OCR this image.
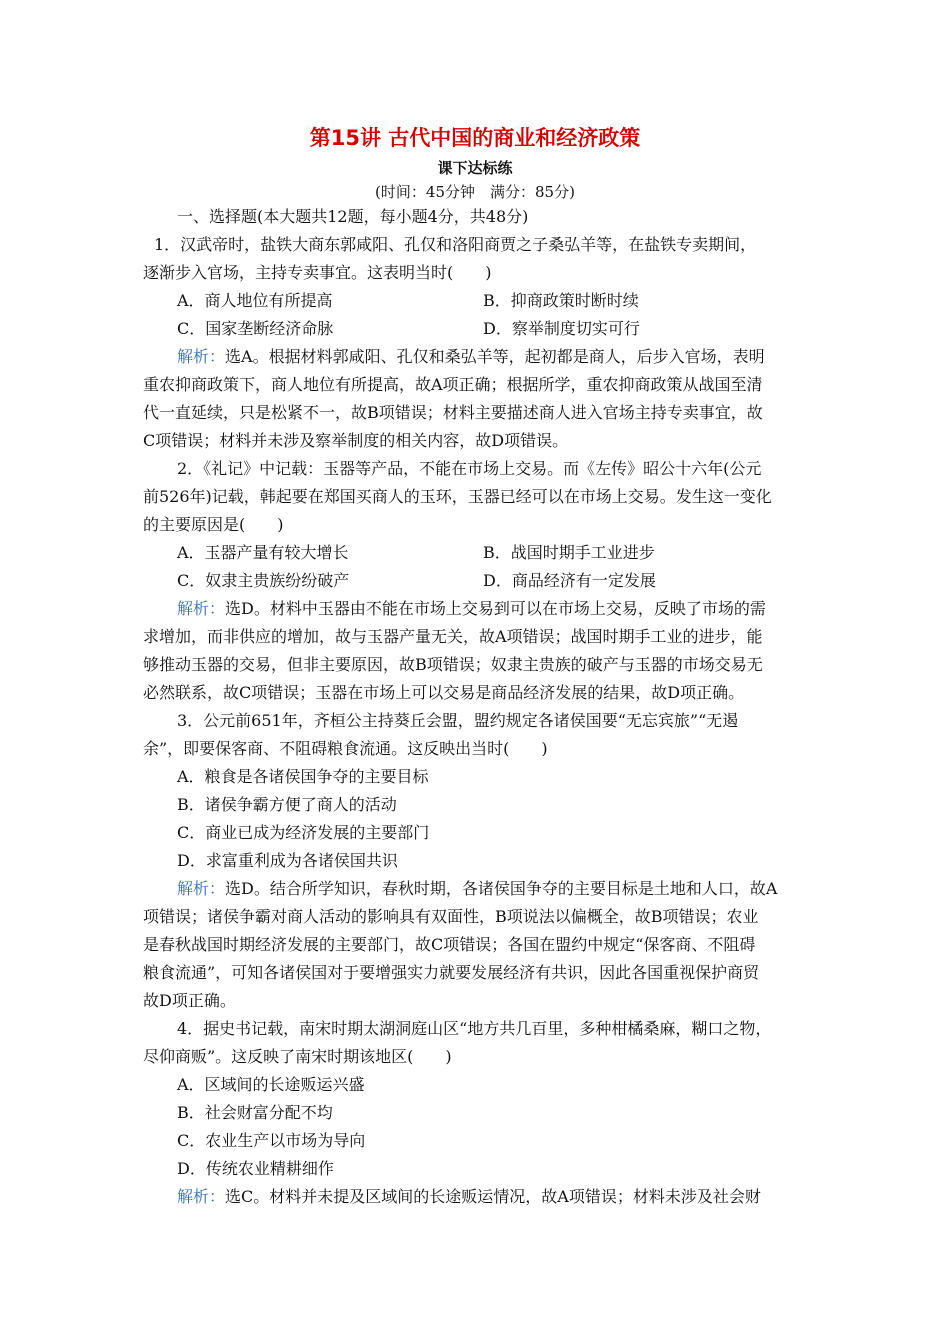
第15讲 古代中国的商业和经济政策
课下达标练
(时间：45分钟　满分：85分)
一、选择题(本大题共12题，每小题4分，共48分)
1．汉武帝时，盐铁大商东郭咸阳、孔仅和洛阳商贾之子桑弘羊等，在盐铁专卖期间，
逐渐步入官场，主持专卖事宜。这表明当时(　　)
A．商人地位有所提高	B．抑商政策时断时续
C．国家垄断经济命脉	D．察举制度切实可行
解析：选A。根据材料郭咸阳、孔仅和桑弘羊等，起初都是商人，后步入官场，表明
重农抑商政策下，商人地位有所提高，故A项正确；根据所学，重农抑商政策从战国至清
代一直延续，只是松紧不一，故B项错误；材料主要描述商人进入官场主持专卖事宜，故
C项错误；材料并未涉及察举制度的相关内容，故D项错误。
2．《礼记》中记载：玉器等产品，不能在市场上交易。而《左传》昭公十六年(公元
前526年)记载，韩起要在郑国买商人的玉环，玉器已经可以在市场上交易。发生这一变化
的主要原因是(　　)
A．玉器产量有较大增长	B．战国时期手工业进步
C．奴隶主贵族纷纷破产	D．商品经济有一定发展
解析：选D。材料中玉器由不能在市场上交易到可以在市场上交易，反映了市场的需
求增加，而非供应的增加，故与玉器产量无关，故A项错误；战国时期手工业的进步，能
够推动玉器的交易，但非主要原因，故B项错误；奴隶主贵族的破产与玉器的市场交易无
必然联系，故C项错误；玉器在市场上可以交易是商品经济发展的结果，故D项正确。
3．公元前651年，齐桓公主持葵丘会盟，盟约规定各诸侯国要“无忘宾旅”“无遏
余”，即要保客商、不阻碍粮食流通。这反映出当时(　　)
A．粮食是各诸侯国争夺的主要目标
B．诸侯争霸方便了商人的活动
C．商业已成为经济发展的主要部门
D．求富重利成为各诸侯国共识
解析：选D。结合所学知识，春秋时期，各诸侯国争夺的主要目标是土地和人口，故A
项错误；诸侯争霸对商人活动的影响具有双面性，B项说法以偏概全，故B项错误；农业
是春秋战国时期经济发展的主要部门，故C项错误；各国在盟约中规定“保客商、不阻碍
粮食流通”，可知各诸侯国对于要增强实力就要发展经济有共识，因此各国重视保护商贸
故D项正确。
4．据史书记载，南宋时期太湖洞庭山区“地方共几百里，多种柑橘桑麻，糊口之物，
尽仰商贩”。这反映了南宋时期该地区(　　)
A．区域间的长途贩运兴盛
B．社会财富分配不均
C．农业生产以市场为导向
D．传统农业精耕细作
解析：选C。材料并未提及区域间的长途贩运情况，故A项错误；材料未涉及社会财
